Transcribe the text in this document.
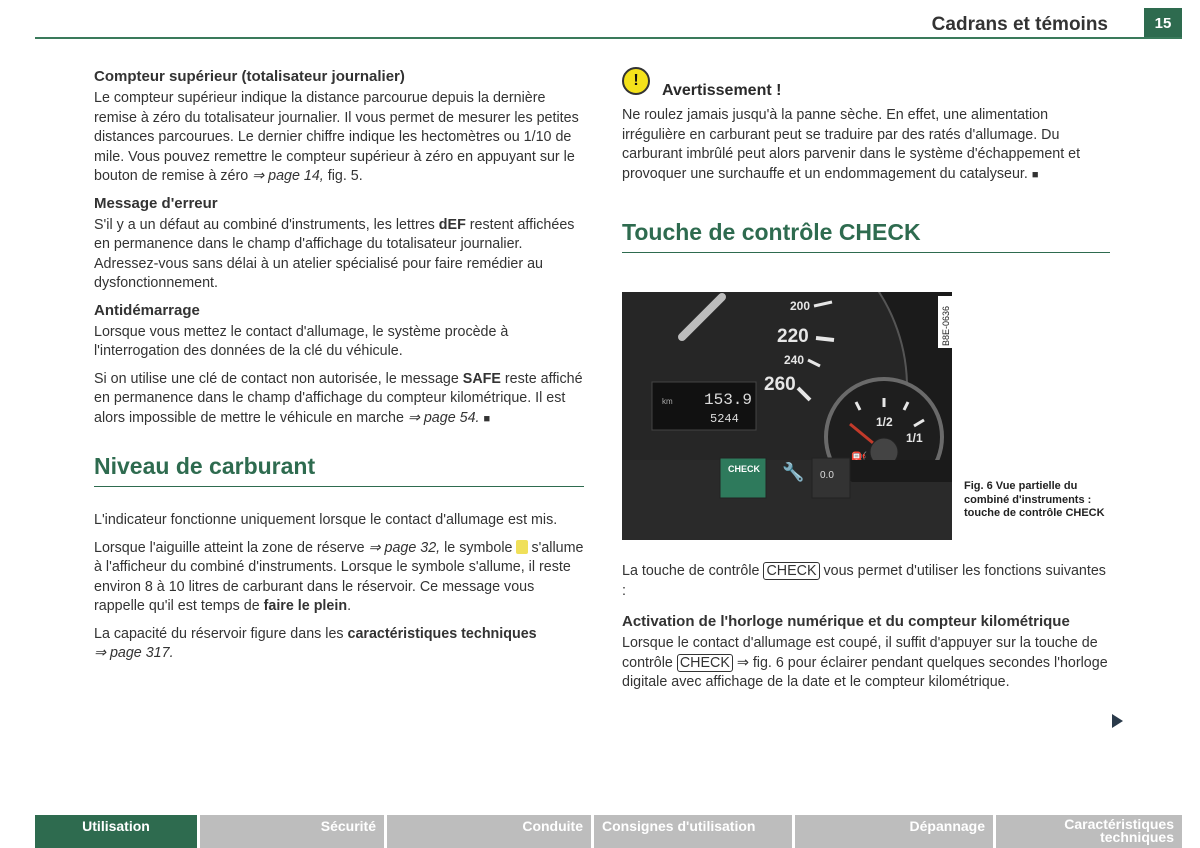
Cadrans et témoins	15
Compteur supérieur (totalisateur journalier)

Le compteur supérieur indique la distance parcourue depuis la dernière remise à zéro du totalisateur journalier. Il vous permet de mesurer les petites distances parcourues. Le dernier chiffre indique les hectomètres ou 1/10 de mile. Vous pouvez remettre le compteur supérieur à zéro en appuyant sur le bouton de remise à zéro ⇒ page 14, fig. 5.

Message d'erreur

S'il y a un défaut au combiné d'instruments, les lettres dEF restent affichées en permanence dans le champ d'affichage du totalisateur journalier. Adressez-vous sans délai à un atelier spécialisé pour faire remédier au dysfonctionnement.

Antidémarrage

Lorsque vous mettez le contact d'allumage, le système procède à l'interrogation des données de la clé du véhicule.

Si on utilise une clé de contact non autorisée, le message SAFE reste affiché en permanence dans le champ d'affichage du compteur kilométrique. Il est alors impossible de mettre le véhicule en marche ⇒ page 54. ■

Niveau de carburant

L'indicateur fonctionne uniquement lorsque le contact d'allumage est mis.

Lorsque l'aiguille atteint la zone de réserve ⇒ page 32, le symbole s'allume à l'afficheur du combiné d'instruments. Lorsque le symbole s'allume, il reste environ 8 à 10 litres de carburant dans le réservoir. Ce message vous rappelle qu'il est temps de faire le plein.

La capacité du réservoir figure dans les caractéristiques techniques
⇒ page 317.

!
Avertissement !

Ne roulez jamais jusqu'à la panne sèche. En effet, une alimentation irrégulière en carburant peut se traduire par des ratés d'allumage. Du carburant imbrûlé peut alors parvenir dans le système d'échappement et provoquer une surchauffe et un endommagement du catalyseur. ■

Touche de contrôle CHECK
200
220
240
260
km 153.9
5244	1/2
1/1
CHECK 🔧 0.0
B8E-0636
Fig. 6 Vue partielle du combiné d'instruments : touche de contrôle CHECK

La touche de contrôle CHECK vous permet d'utiliser les fonctions suivantes :

Activation de l'horloge numérique et du compteur kilométrique

Lorsque le contact d'allumage est coupé, il suffit d'appuyer sur la touche de contrôle CHECK ⇒ fig. 6 pour éclairer pendant quelques secondes l'horloge digitale avec affichage de la date et le compteur kilométrique.

Utilisation	Sécurité	Conduite	Consignes d'utilisation	Dépannage	Caractéristiques techniques
